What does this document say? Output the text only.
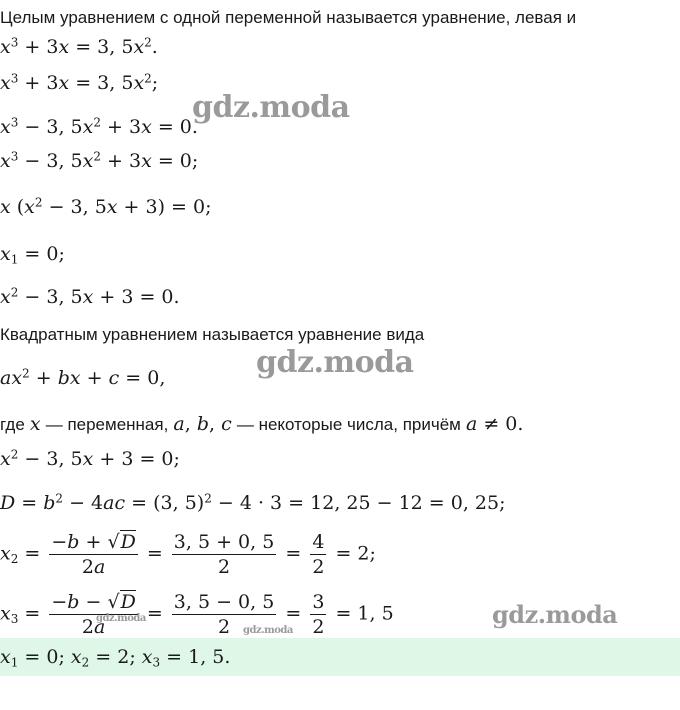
Целым уравнением с одной переменной называется уравнение, левая и
$x^3 + 3x = 3$, $5x^2$.
$x^3 + 3x = 3$, $5x^2$;
$x^3 - 3$, $5x^2 + 3x = 0$.
$x^3 - 3$, $5x^2 + 3x = 0$;
x ($x^2 - 3$, 5x + 3) = 0;
$x_1 = 0$;
$x^2 - 3$, 5x + 3 = 0.
Квадратным уравнением называется уравнение вида
$ax^2$ + bx + c = 0,
где x — переменная, a, b, c — некоторые числа, причём a ≠ 0.
$x^2 - 3$, 5x + 3 = 0;
$D = b^2 - 4ac = (3$, 5)$^2$ − 4 · 3 = 12, 25 − 12 = 0, 25;
$x_2 = \frac{-b + √D}{2a} = \frac{3, 5 + 0, 5}{2} = \frac{4}{2} = 2$;
$x_3 = \frac{-b - √D}{2a} = \frac{3, 5 - 0, 5}{2} = \frac{3}{2} = 1$, 5
$x_1 = 0$; $x_2 = 2$; $x_3 = 1$, 5.
gdz.moda
gdz.moda
gdz.moda
gdz.moda
gdz.moda
